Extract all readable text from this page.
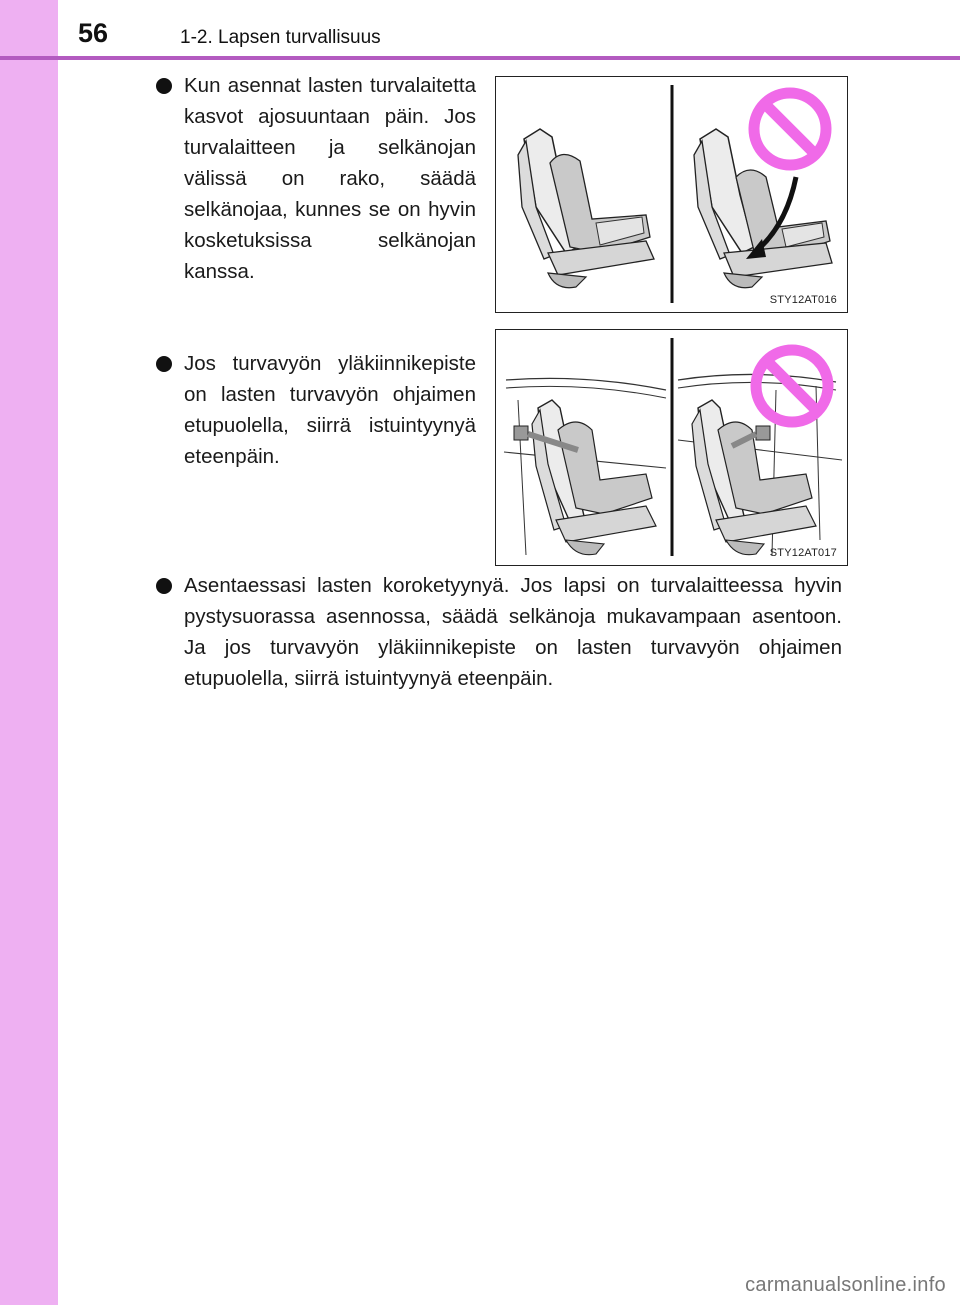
56	1-2. Lapsen turvallisuus
Kun asennat lasten turvalaitetta kasvot ajosuuntaan päin. Jos turvalaitteen ja selkänojan välissä on rako, säädä selkänojaa, kunnes se on hyvin kosketuksissa selkänojan kanssa.
Jos turvavyön yläkiinnikepiste on lasten turvavyön ohjaimen etupuolella, siirrä istuintyynyä eteenpäin.
Asentaessasi lasten koroketyynyä. Jos lapsi on turvalaitteessa hyvin pystysuorassa asennossa, säädä selkänoja mukavampaan asentoon. Ja jos turvavyön yläkiinnikepiste on lasten turvavyön ohjaimen etupuolella, siirrä istuintyynyä eteenpäin.
STY12AT016
STY12AT017
carmanualsonline.info
